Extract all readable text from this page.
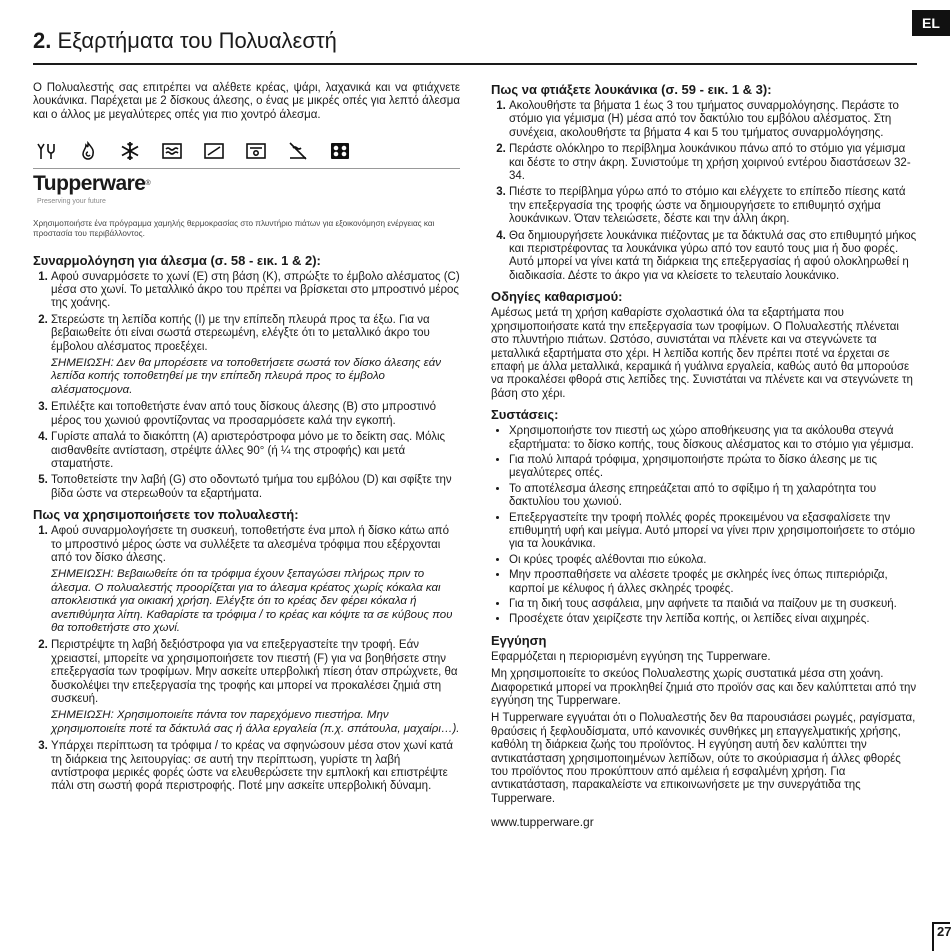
2. Εξαρτήματα του Πολυαλεστή
EL

Ο Πολυαλεστής σας επιτρέπει να αλέθετε κρέας, ψάρι, λαχανικά και να φτιάχνετε λουκάνικα. Παρέχεται με 2 δίσκους άλεσης, ο ένας με μικρές οπές για λεπτό άλεσμα και ο άλλος με μεγαλύτερες οπές για πιο χοντρό άλεσμα.

Tupperware®
Preserving your future

Χρησιμοποιήστε ένα πρόγραμμα χαμηλής θερμοκρασίας στο πλυντήριο πιάτων για εξοικονόμηση ενέργειας και προστασία του περιβάλλοντος.

Συναρμολόγηση για άλεσμα (σ. 58 - εικ. 1 & 2):
1. Αφού συναρμόσετε το χωνί (E) στη βάση (K), σπρώξτε το έμβολο αλέσματος (C) μέσα στο χωνί. Το μεταλλικό άκρο του πρέπει να βρίσκεται στο μπροστινό μέρος της χοάνης.
2. Στερεώστε τη λεπίδα κοπής (I) με την επίπεδη πλευρά προς τα έξω. Για να βεβαιωθείτε ότι είναι σωστά στερεωμένη, ελέγξτε ότι το μεταλλικό άκρο του έμβολου αλέσματος προεξέχει.

ΣΗΜΕΙΩΣΗ: Δεν θα μπορέσετε να τοποθετήσετε σωστά τον δίσκο άλεσης εάν λεπίδα κοπής τοποθετηθεί με την επίπεδη πλευρά προς το έμβολο αλέσματοςμονα.

3. Επιλέξτε και τοποθετήστε έναν από τους δίσκους άλεσης (B) στο μπροστινό μέρος του χωνιού φροντίζοντας να προσαρμόσετε καλά την εγκοπή.
4. Γυρίστε απαλά το διακόπτη (A) αριστερόστροφα μόνο με το δείκτη σας. Μόλις αισθανθείτε αντίσταση, στρέψτε άλλες 90° (ή ¼ της στροφής) και μετά σταματήστε.
5. Τοποθετείστε την λαβή (G) στο οδοντωτό τμήμα του εμβόλου (D) και σφίξτε την βίδα ώστε να στερεωθούν τα εξαρτήματα.
Πως να χρησιμοποιήσετε τον πολυαλεστή:
1. Αφού συναρμολογήσετε τη συσκευή, τοποθετήστε ένα μπολ ή δίσκο κάτω από το μπροστινό μέρος ώστε να συλλέξετε τα αλεσμένα τρόφιμα που εξέρχονται από τον δίσκο άλεσης.

ΣΗΜΕΙΩΣΗ: Βεβαιωθείτε ότι τα τρόφιμα έχουν ξεπαγώσει πλήρως πριν το άλεσμα. Ο πολυαλεστής προορίζεται για το άλεσμα κρέατος χωρίς κόκαλα και αποκλειστικά για οικιακή χρήση. Ελέγξτε ότι το κρέας δεν φέρει κόκαλα ή ανεπιθύμητα λίπη. Καθαρίστε τα τρόφιμα / το κρέας και κόψτε τα σε κύβους που θα τοποθετήστε στο χωνί.

2. Περιστρέψτε τη λαβή δεξιόστροφα για να επεξεργαστείτε την τροφή. Εάν χρειαστεί, μπορείτε να χρησιμοποιήσετε τον πιεστή (F) για να βοηθήσετε στην επεξεργασία των τροφίμων. Μην ασκείτε υπερβολική πίεση όταν σπρώχνετε, θα δυσκολέψει την επεξεργασία της τροφής και μπορεί να προκαλέσει ζημιά στη συσκευή.

ΣΗΜΕΙΩΣΗ: Χρησιμοποιείτε πάντα τον παρεχόμενο πιεστήρα. Μην χρησιμοποιείτε ποτέ τα δάκτυλά σας ή άλλα εργαλεία (π.χ. σπάτουλα, μαχαίρι…).

3. Υπάρχει περίπτωση τα τρόφιμα / το κρέας να σφηνώσουν μέσα στον χωνί κατά τη διάρκεια της λειτουργίας: σε αυτή την περίπτωση, γυρίστε τη λαβή αντίστροφα μερικές φορές ώστε να ελευθερώσετε την εμπλοκή και επιστρέψτε πάλι στη σωστή φορά περιστροφής. Ποτέ μην ασκείτε υπερβολική δύναμη.
Πως να φτιάξετε λουκάνικα (σ. 59 - εικ. 1 & 3):
1. Ακολουθήστε τα βήματα 1 έως 3 του τμήματος συναρμολόγησης. Περάστε το στόμιο για γέμισμα (H) μέσα από τον δακτύλιο του εμβόλου αλέσματος. Στη συνέχεια, ακολουθήστε τα βήματα 4 και 5 του τμήματος συναρμολόγησης.
2. Περάστε ολόκληρο το περίβλημα λουκάνικου πάνω από το στόμιο για γέμισμα και δέστε το στην άκρη. Συνιστούμε τη χρήση χοιρινού εντέρου διαστάσεων 32-34.
3. Πιέστε το περίβλημα γύρω από το στόμιο και ελέγχετε το επίπεδο πίεσης κατά την επεξεργασία της τροφής ώστε να δημιουργήσετε το επιθυμητό σχήμα λουκάνικων. Όταν τελειώσετε, δέστε και την άλλη άκρη.
4. Θα δημιουργήσετε λουκάνικα πιέζοντας με τα δάκτυλά σας στο επιθυμητό μήκος και περιστρέφοντας τα λουκάνικα γύρω από τον εαυτό τους μια ή δυο φορές. Αυτό μπορεί να γίνει κατά τη διάρκεια της επεξεργασίας ή αφού ολοκληρωθεί η διαδικασία. Δέστε το άκρο για να κλείσετε το τελευταίο λουκάνικο.
Οδηγίες καθαρισμού:

Αμέσως μετά τη χρήση καθαρίστε σχολαστικά όλα τα εξαρτήματα που χρησιμοποιήσατε κατά την επεξεργασία των τροφίμων. Ο Πολυαλεστής πλένεται στο πλυντήριο πιάτων. Ωστόσο, συνιστάται να πλένετε και να στεγνώνετε τα μεταλλικά εξαρτήματα στο χέρι. Η λεπίδα κοπής δεν πρέπει ποτέ να έρχεται σε επαφή με άλλα μεταλλικά, κεραμικά ή γυάλινα εργαλεία, καθώς αυτό θα μπορούσε να προκαλέσει φθορά στις λεπίδες της. Συνιστάται να πλένετε και να στεγνώνετε τη βάση στο χέρι.

Συστάσεις:
• Χρησιμοποιήστε τον πιεστή ως χώρο αποθήκευσης για τα ακόλουθα στεγνά εξαρτήματα: το δίσκο κοπής, τους δίσκους αλέσματος και το στόμιο για γέμισμα.
• Για πολύ λιπαρά τρόφιμα, χρησιμοποιήστε πρώτα το δίσκο άλεσης με τις μεγαλύτερες οπές.
• Το αποτέλεσμα άλεσης επηρεάζεται από το σφίξιμο ή τη χαλαρότητα του δακτυλίου του χωνιού.
• Επεξεργαστείτε την τροφή πολλές φορές προκειμένου να εξασφαλίσετε την επιθυμητή υφή και μείγμα. Αυτό μπορεί να γίνει πριν χρησιμοποιήσετε το στόμιο για τα λουκάνικα.
• Οι κρύες τροφές αλέθονται πιο εύκολα.
• Μην προσπαθήσετε να αλέσετε τροφές με σκληρές ίνες όπως πιπεριόριζα, καρποί με κέλυφος ή άλλες σκληρές τροφές.
• Για τη δική τους ασφάλεια, μην αφήνετε τα παιδιά να παίζουν με τη συσκευή.
• Προσέχετε όταν χειρίζεστε την λεπίδα κοπής, οι λεπίδες είναι αιχμηρές.
Εγγύηση

Εφαρμόζεται η περιορισμένη εγγύηση της Tupperware.

Μη χρησιμοποιείτε το σκεύος Πολυαλεστης χωρίς συστατικά μέσα στη χοάνη. Διαφορετικά μπορεί να προκληθεί ζημιά στο προϊόν σας και δεν καλύπτεται από την εγγύηση της Tupperware.

Η Tupperware εγγυάται ότι ο Πολυαλεστής δεν θα παρουσιάσει ρωγμές, ραγίσματα, θραύσεις ή ξεφλουδίσματα, υπό κανονικές συνθήκες μη επαγγελματικής χρήσης, καθόλη τη διάρκεια ζωής του προϊόντος. Η εγγύηση αυτή δεν καλύπτει την αντικατάσταση χρησιμοποιημένων λεπίδων, ούτε το σκούριασμα ή άλλες φθορές του προϊόντος που προκύπτουν από αμέλεια ή εσφαλμένη χρήση. Για αντικατάσταση, παρακαλείστε να επικοινωνήσετε με την συνεργάτιδα της Tupperware.

www.tupperware.gr
27
